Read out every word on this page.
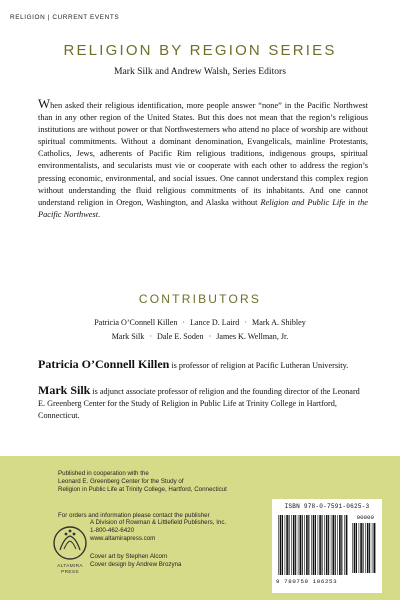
RELIGION | CURRENT EVENTS
RELIGION BY REGION SERIES
Mark Silk and Andrew Walsh, Series Editors

When asked their religious identification, more people answer “none” in the Pacific Northwest than in any other region of the United States. But this does not mean that the region’s religious institutions are without power or that Northwesterners who attend no place of worship are without spiritual commitments. Without a dominant denomination, Evangelicals, mainline Protestants, Catholics, Jews, adherents of Pacific Rim religious traditions, indigenous groups, spiritual environmentalists, and secularists must vie or cooperate with each other to address the region’s pressing economic, environmental, and social issues. One cannot understand this complex region without understanding the fluid religious commitments of its inhabitants. And one cannot understand religion in Oregon, Washington, and Alaska without Religion and Public Life in the Pacific Northwest.

CONTRIBUTORS
Patricia O’Connell Killen · Lance D. Laird · Mark A. Shibley
Mark Silk · Dale E. Soden · James K. Wellman, Jr.

Patricia O’Connell Killen is professor of religion at Pacific Lutheran University.

Mark Silk is adjunct associate professor of religion and the founding director of the Leonard E. Greenberg Center for the Study of Religion in Public Life at Trinity College in Hartford, Connecticut.

Published in cooperation with the
Leonard E. Greenberg Center for the Study of
Religion in Public Life at Trinity College, Hartford, Connecticut
For orders and information please contact the publisher
A Division of Rowman & Littlefield Publishers, Inc.
1-800-462-6420
www.altamirapress.com
Cover art by Stephen Alcorn
Cover design by Andrew Brozyna
ALTAMIRA
PRESS
ISBN 978-0-7591-0625-3
90000
9 780759 106253
